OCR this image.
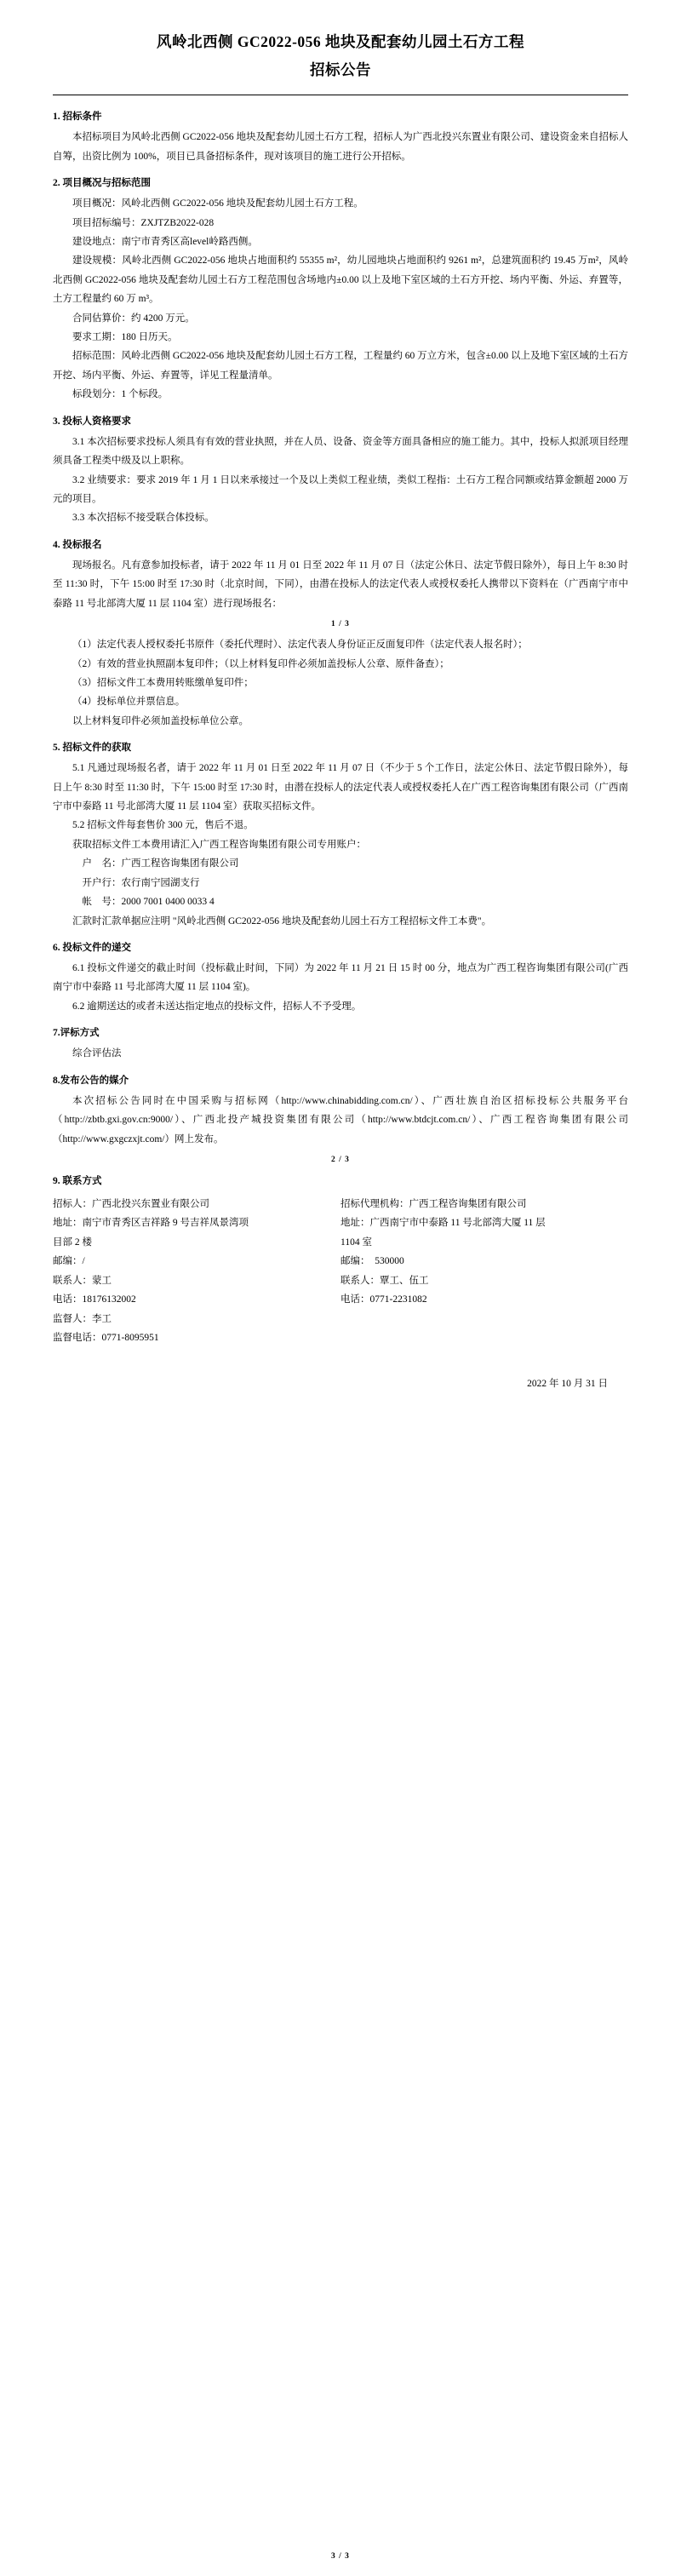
风岭北西侧 GC2022-056 地块及配套幼儿园土石方工程
招标公告
1. 招标条件

本招标项目为风岭北西侧 GC2022-056 地块及配套幼儿园土石方工程，招标人为广西北投兴东置业有限公司、建设资金来自招标人自筹，出资比例为 100%，项目已具备招标条件，现对该项目的施工进行公开招标。

2. 项目概况与招标范围

项目概况：风岭北西侧 GC2022-056 地块及配套幼儿园土石方工程。

项目招标编号：ZXJTZB2022-028

建设地点：南宁市青秀区高level岭路西侧。

建设规模：风岭北西侧 GC2022-056 地块占地面积约 55355 m²，幼儿园地块占地面积约 9261 m²，总建筑面积约 19.45 万m²，风岭北西侧 GC2022-056 地块及配套幼儿园土石方工程范围包含场地内±0.00 以上及地下室区域的土石方开挖、场内平衡、外运、弃置等，土方工程量约 60 万 m³。

合同估算价：约 4200 万元。

要求工期：180 日历天。

招标范围：风岭北西侧 GC2022-056 地块及配套幼儿园土石方工程，工程量约 60 万立方米，包含±0.00 以上及地下室区域的土石方开挖、场内平衡、外运、弃置等，详见工程量清单。

标段划分：1 个标段。

3. 投标人资格要求

3.1 本次招标要求投标人须具有有效的营业执照，并在人员、设备、资金等方面具备相应的施工能力。其中，投标人拟派项目经理须具备工程类中级及以上职称。

3.2 业绩要求：要求 2019 年 1 月 1 日以来承接过一个及以上类似工程业绩，类似工程指：土石方工程合同额或结算金额超 2000 万元的项目。

3.3 本次招标不接受联合体投标。

4. 投标报名

现场报名。凡有意参加投标者，请于 2022 年 11 月 01 日至 2022 年 11 月 07 日（法定公休日、法定节假日除外），每日上午 8:30 时至 11:30 时，下午 15:00 时至 17:30 时（北京时间，下同），由潜在投标人的法定代表人或授权委托人携带以下资料在（广西南宁市中泰路 11 号北部湾大厦 11 层 1104 室）进行现场报名：

1 / 3

（1）法定代表人授权委托书原件（委托代理时）、法定代表人身份证正反面复印件（法定代表人报名时）；

（2）有效的营业执照副本复印件；（以上材料复印件必须加盖投标人公章、原件备查）；

（3）招标文件工本费用转账缴单复印件；

（4）投标单位并票信息。

以上材料复印件必须加盖投标单位公章。

5. 招标文件的获取

5.1 凡通过现场报名者，请于 2022 年 11 月 01 日至 2022 年 11 月 07 日（不少于 5 个工作日，法定公休日、法定节假日除外），每日上午 8:30 时至 11:30 时，下午 15:00 时至 17:30 时，由潜在投标人的法定代表人或授权委托人在广西工程咨询集团有限公司（广西南宁市中泰路 11 号北部湾大厦 11 层 1104 室）获取买招标文件。

5.2 招标文件每套售价 300 元，售后不退。

获取招标文件工本费用请汇入广西工程咨询集团有限公司专用账户：

户　名：广西工程咨询集团有限公司

开户行：农行南宁园湖支行

帐　号：2000 7001 0400 0033 4

汇款时汇款单据应注明 "风岭北西侧 GC2022-056 地块及配套幼儿园土石方工程招标文件工本费"。

6. 投标文件的递交

6.1 投标文件递交的截止时间（投标截止时间，下同）为 2022 年 11 月 21 日 15 时 00 分，地点为广西工程咨询集团有限公司(广西南宁市中泰路 11 号北部湾大厦 11 层 1104 室)。

6.2 逾期送达的或者未送达指定地点的投标文件，招标人不予受理。

7.评标方式

综合评估法

8.发布公告的媒介

本次招标公告同时在中国采购与招标网（http://www.chinabidding.com.cn/）、广西壮族自治区招标投标公共服务平台（http://zbtb.gxi.gov.cn:9000/）、广西北投产城投资集团有限公司（http://www.btdcjt.com.cn/）、广西工程咨询集团有限公司（http://www.gxgczxjt.com/）网上发布。

2 / 3
9. 联系方式
招标人：广西北投兴东置业有限公司	招标代理机构：广西工程咨询集团有限公司
地址：南宁市青秀区吉祥路 9 号吉祥凤景湾项	地址：广西南宁市中泰路 11 号北部湾大厦 11 层
目部 2 楼	1104 室
邮编：/	邮编：　530000
联系人：蒙工	联系人：覃工、伍工
电话：18176132002	电话：0771-2231082
监督人：李工
监督电话：0771-8095951
2022 年 10 月 31 日
3 / 3
